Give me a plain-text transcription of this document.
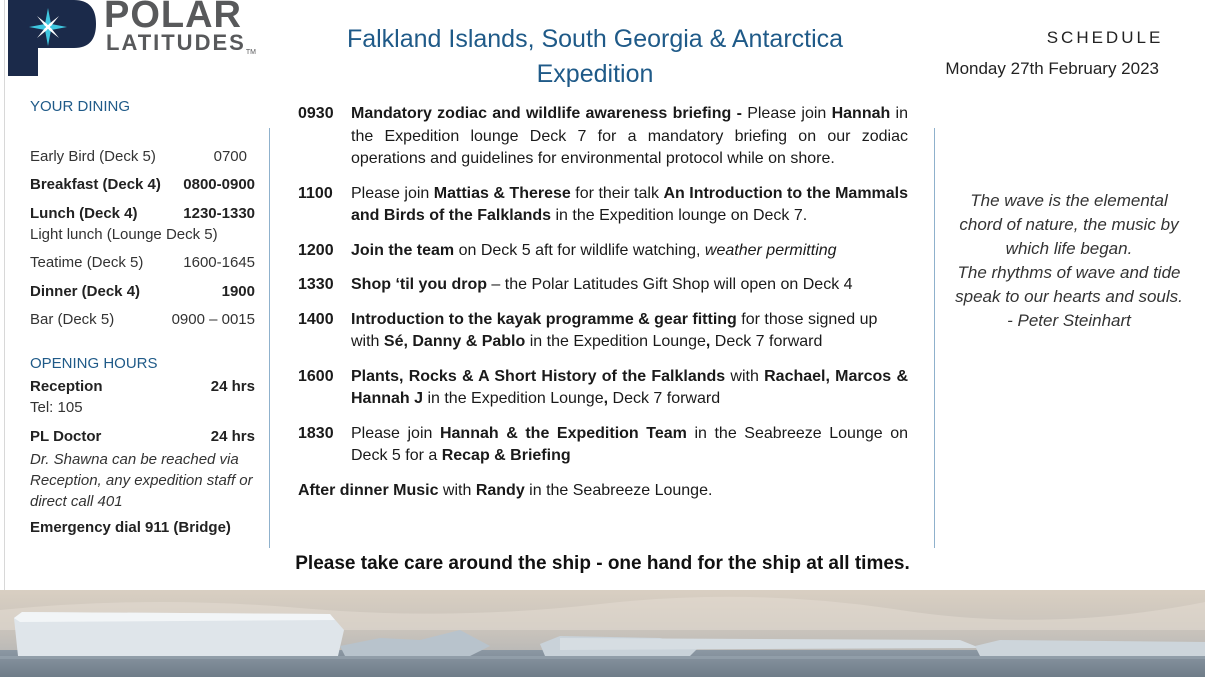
POLAR
LATITUDESTM	Falkland Islands, South Georgia & Antarctica
Expedition
SCHEDULE
Monday 27th February 2023
YOUR DINING
Early Bird (Deck 5)	0700
Breakfast (Deck 4) 0800-0900
Lunch (Deck 4)	1230-1330
Light lunch (Lounge Deck 5)
Teatime (Deck 5)	1600-1645
Dinner (Deck 4)	1900
Bar (Deck 5)	0900 – 0015
OPENING HOURS
Reception	24 hrs
Tel: 105
PL Doctor	24 hrs
Dr. Shawna can be reached via Reception, any expedition staff or direct call 401
Emergency dial 911 (Bridge)
0930	Mandatory zodiac and wildlife awareness briefing - Please join Hannah in the Expedition lounge Deck 7 for a mandatory briefing on our zodiac operations and guidelines for environmental protocol while on shore.
1100	Please join Mattias & Therese for their talk An Introduction to the Mammals and Birds of the Falklands in the Expedition lounge on Deck 7.
1200	Join the team on Deck 5 aft for wildlife watching, weather permitting
1330	Shop ‘til you drop – the Polar Latitudes Gift Shop will open on Deck 4
1400	Introduction to the kayak programme & gear fitting for those signed up with Sé, Danny & Pablo in the Expedition Lounge, Deck 7 forward
1600	Plants, Rocks & A Short History of the Falklands with Rachael, Marcos & Hannah J in the Expedition Lounge, Deck 7 forward
1830	Please join Hannah & the Expedition Team in the Seabreeze Lounge on Deck 5 for a Recap & Briefing
After dinner Music with Randy in the Seabreeze Lounge.
The wave is the elemental
chord of nature, the music by
which life began.
The rhythms of wave and tide
speak to our hearts and souls.
- Peter Steinhart
Please take care around the ship - one hand for the ship at all times.
